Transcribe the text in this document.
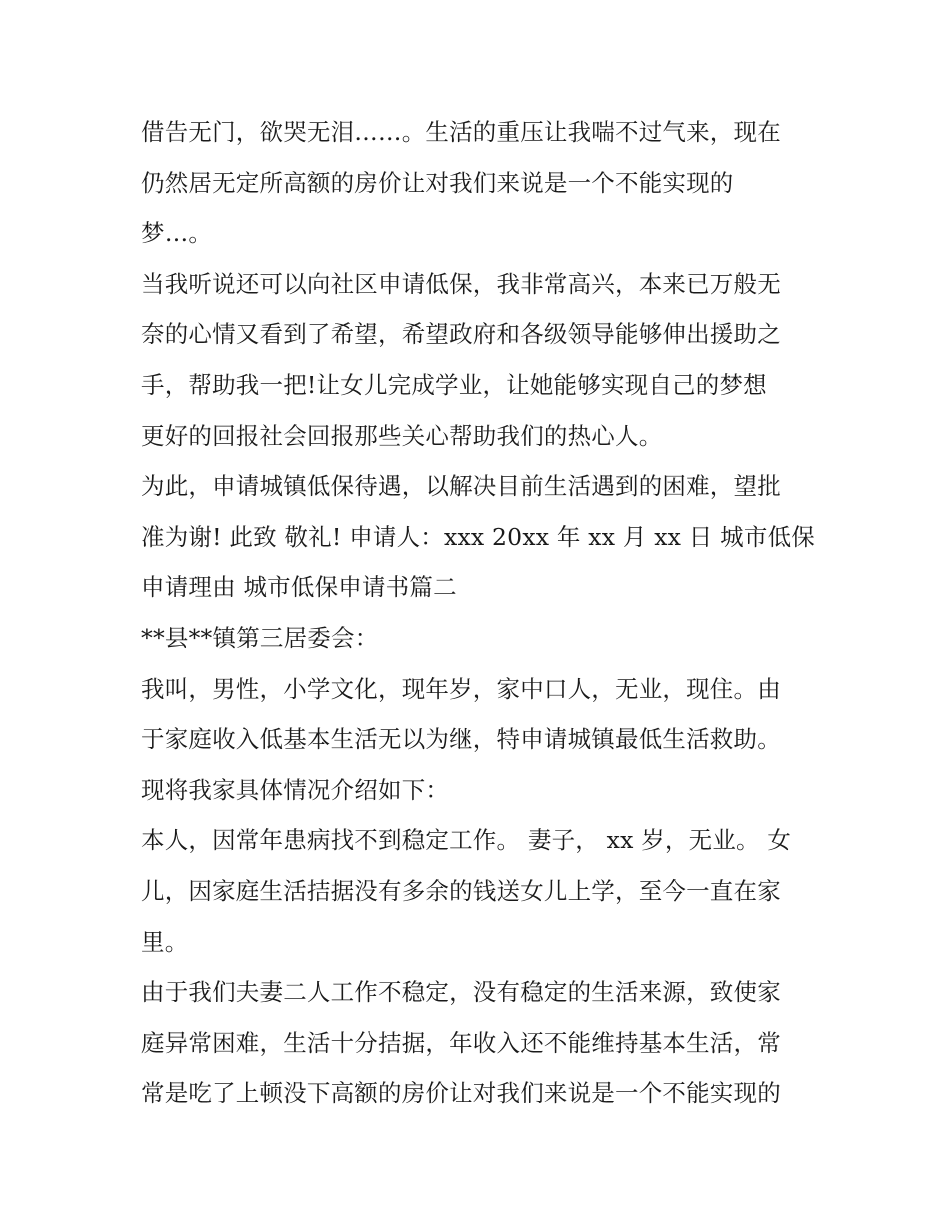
借告无门，欲哭无泪……。生活的重压让我喘不过气来，现在
仍然居无定所高额的房价让对我们来说是一个不能实现的
梦…。
当我听说还可以向社区申请低保，我非常高兴，本来已万般无
奈的心情又看到了希望，希望政府和各级领导能够伸出援助之
手，帮助我一把!让女儿完成学业，让她能够实现自己的梦想
更好的回报社会回报那些关心帮助我们的热心人。
为此，申请城镇低保待遇，以解决目前生活遇到的困难，望批
准为谢! 此致 敬礼! 申请人：xxx 20xx 年 xx 月 xx 日 城市低保
申请理由 城市低保申请书篇二
**县**镇第三居委会：
我叫，男性，小学文化，现年岁，家中口人，无业，现住。由
于家庭收入低基本生活无以为继，特申请城镇最低生活救助。
现将我家具体情况介绍如下：
本人，因常年患病找不到稳定工作。 妻子， xx 岁，无业。 女
儿，因家庭生活拮据没有多余的钱送女儿上学，至今一直在家
里。
由于我们夫妻二人工作不稳定，没有稳定的生活来源，致使家
庭异常困难，生活十分拮据，年收入还不能维持基本生活，常
常是吃了上顿没下高额的房价让对我们来说是一个不能实现的
